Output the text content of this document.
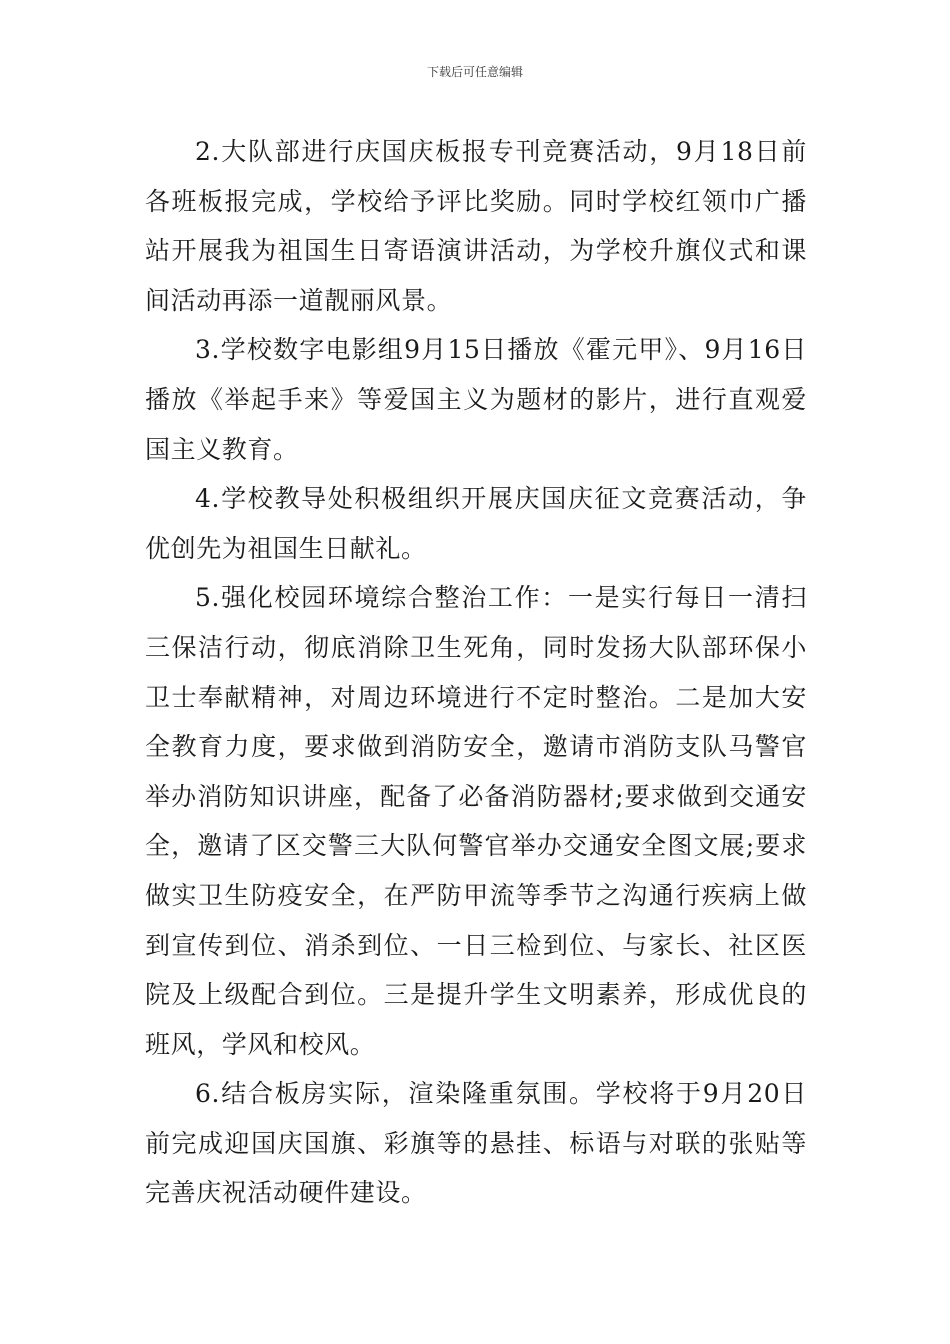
下载后可任意编辑

2.大队部进行庆国庆板报专刊竞赛活动，9月18日前各班板报完成，学校给予评比奖励。同时学校红领巾广播站开展我为祖国生日寄语演讲活动，为学校升旗仪式和课间活动再添一道靓丽风景。

3.学校数字电影组9月15日播放《霍元甲》、9月16日播放《举起手来》等爱国主义为题材的影片，进行直观爱国主义教育。

4.学校教导处积极组织开展庆国庆征文竞赛活动，争优创先为祖国生日献礼。

5.强化校园环境综合整治工作：一是实行每日一清扫三保洁行动，彻底消除卫生死角，同时发扬大队部环保小卫士奉献精神，对周边环境进行不定时整治。二是加大安全教育力度，要求做到消防安全，邀请市消防支队马警官举办消防知识讲座，配备了必备消防器材;要求做到交通安全，邀请了区交警三大队何警官举办交通安全图文展;要求做实卫生防疫安全，在严防甲流等季节之沟通行疾病上做到宣传到位、消杀到位、一日三检到位、与家长、社区医院及上级配合到位。三是提升学生文明素养，形成优良的班风，学风和校风。

6.结合板房实际，渲染隆重氛围。学校将于9月20日前完成迎国庆国旗、彩旗等的悬挂、标语与对联的张贴等完善庆祝活动硬件建设。
